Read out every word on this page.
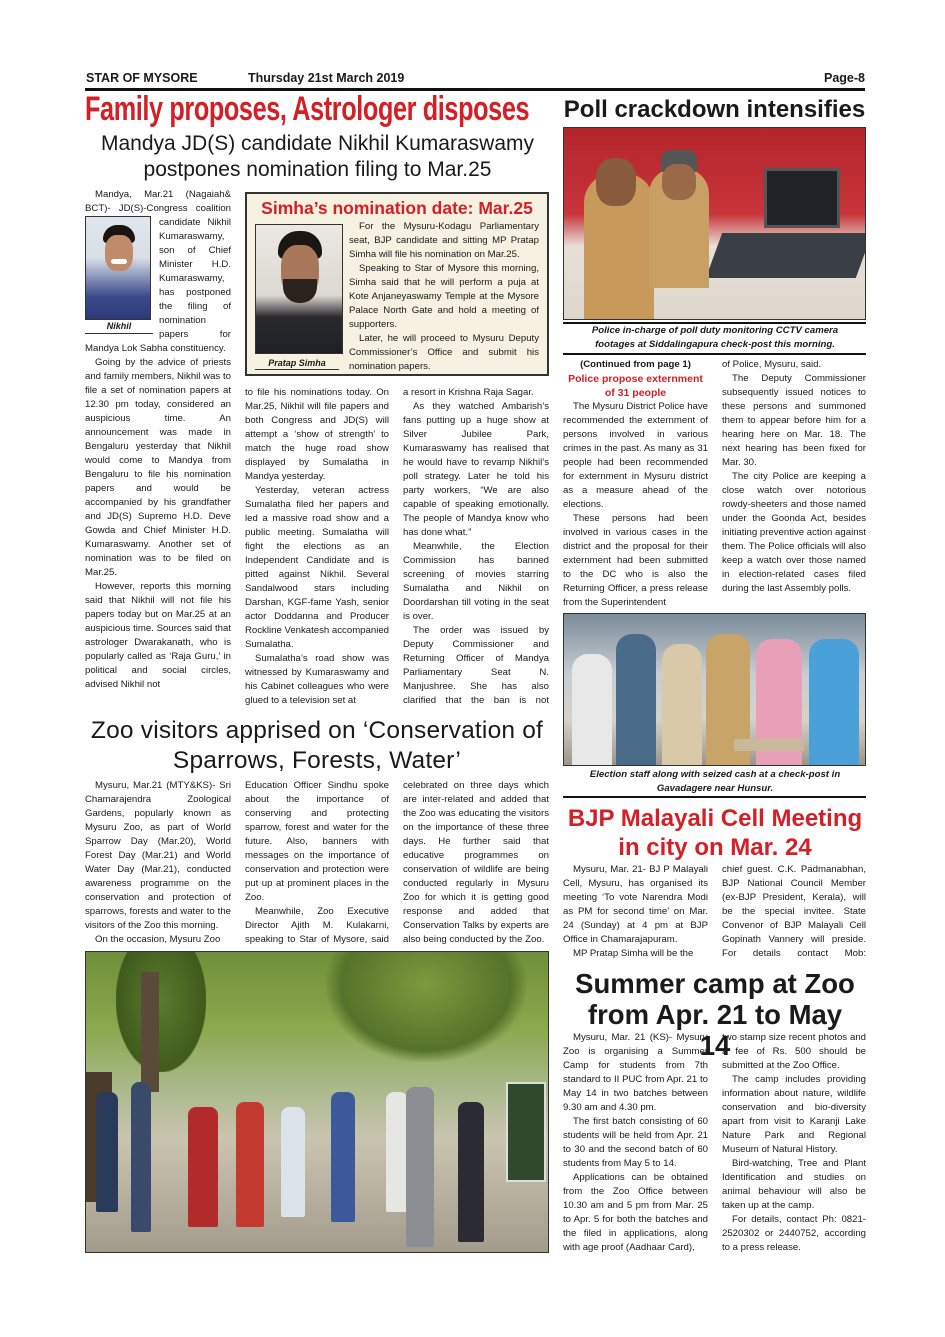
STAR OF MYSORE	Thursday 21st March 2019	Page-8
Family proposes, Astrologer disposes
Mandya JD(S) candidate Nikhil Kumaraswamy postpones nomination filing to Mar.25
Nikhil

Mandya, Mar.21 (Nagaiah& BCT)- JD(S)-Congress coalition candidate Nikhil Kumaraswamy, son of Chief Minister H.D. Kumaraswamy, has postponed the filing of nomination papers for Mandya Lok Sabha constituency.

Going by the advice of priests and family members, Nikhil was to file a set of nomination papers at 12.30 pm today, considered an auspicious time. An announcement was made in Bengaluru yesterday that Nikhil would come to Mandya from Bengaluru to file his nomination papers and would be accompanied by his grandfather and JD(S) Supremo H.D. Deve Gowda and Chief Minister H.D. Kumaraswamy. Another set of nomination was to be filed on Mar.25.

However, reports this morning said that Nikhil will not file his papers today but on Mar.25 at an auspicious time. Sources said that astrologer Dwarakanath, who is popularly called as ‘Raja Guru,’ in political and social circles, advised Nikhil not

Simha’s nomination date: Mar.25
Pratap Simha

For the Mysuru-Kodagu Parliamentary seat, BJP candidate and sitting MP Pratap Simha will file his nomination on Mar.25.

Speaking to Star of Mysore this morning, Simha said that he will perform a puja at Kote Anjaneyaswamy Temple at the Mysore Palace North Gate and hold a meeting of supporters.

Later, he will proceed to Mysuru Deputy Commissioner’s Office and submit his nomination papers.

to file his nominations today. On Mar.25, Nikhil will file papers and both Congress and JD(S) will attempt a ‘show of strength’ to match the huge road show displayed by Sumalatha in Mandya yesterday.

Yesterday, veteran actress Sumalatha filed her papers and led a massive road show and a public meeting. Sumalatha will fight the elections as an Independent Candidate and is pitted against Nikhil. Several Sandalwood stars including Darshan, KGF-fame Yash, senior actor Doddanna and Producer Rockline Venkatesh accompanied Sumalatha.

Sumalatha’s road show was witnessed by Kumaraswamy and his Cabinet colleagues who were glued to a television set at

a resort in Krishna Raja Sagar.

As they watched Ambarish’s fans putting up a huge show at Silver Jubilee Park, Kumaraswamy has realised that he would have to revamp Nikhil’s poll strategy. Later he told his party workers, “We are also capable of speaking emotionally. The people of Mandya know who has done what.”

Meanwhile, the Election Commission has banned screening of movies starring Sumalatha and Nikhil on Doordarshan till voting in the seat is over.

The order was issued by Deputy Commissioner and Returning Officer of Mandya Parliamentary Seat N. Manjushree. She has also clarified that the ban is not

Zoo visitors apprised on ‘Conservation of Sparrows, Forests, Water’

Mysuru, Mar.21 (MTY&KS)- Sri Chamarajendra Zoological Gardens, popularly known as Mysuru Zoo, as part of World Sparrow Day (Mar.20), World Forest Day (Mar.21) and World Water Day (Mar.21), conducted awareness programme on the conservation and protection of sparrows, forests and water to the visitors of the Zoo this morning.

On the occasion, Mysuru Zoo

Education Officer Sindhu spoke about the importance of conserving and protecting sparrow, forest and water for the future. Also, banners with messages on the importance of conservation and protection were put up at prominent places in the Zoo.

Meanwhile, Zoo Executive Director Ajith M. Kulakarni, speaking to Star of Mysore, said

celebrated on three days which are inter-related and added that the Zoo was educating the visitors on the importance of these three days. He further said that educative programmes on conservation of wildlife are being conducted regularly in Mysuru Zoo for which it is getting good response and added that Conservation Talks by experts are also being conducted by the Zoo.

Poll crackdown intensifies
Police in-charge of poll duty monitoring CCTV camera footages at Siddalingapura check-post this morning.
(Continued from page 1)
Police propose externment of 31 people

The Mysuru District Police have recommended the externment of persons involved in various crimes in the past. As many as 31 people had been recommended for externment in Mysuru district as a measure ahead of the elections.

These persons had been involved in various cases in the district and the proposal for their externment had been submitted to the DC who is also the Returning Officer, a press release from the Superintendent

of Police, Mysuru, said.

The Deputy Commissioner subsequently issued notices to these persons and summoned them to appear before him for a hearing here on Mar. 18. The next hearing has been fixed for Mar. 30.

The city Police are keeping a close watch over notorious rowdy-sheeters and those named under the Goonda Act, besides initiating preventive action against them. The Police officials will also keep a watch over those named in election-related cases filed during the last Assembly polls.

Election staff along with seized cash at a check-post in Gavadagere near Hunsur.
BJP Malayali Cell Meeting in city on Mar. 24

Mysuru, Mar. 21- BJ P Malayali Cell, Mysuru, has organised its meeting ‘To vote Narendra Modi as PM for second time’ on Mar. 24 (Sunday) at 4 pm at BJP Office in Chamarajapuram.

MP Pratap Simha will be the

chief guest. C.K. Padmanabhan, BJP National Council Member (ex-BJP President, Kerala), will be the special invitee. State Convenor of BJP Malayali Cell Gopinath Vannery will preside. For details contact Mob:

Summer camp at Zoo from Apr. 21 to May 14

Mysuru, Mar. 21 (KS)- Mysuru Zoo is organising a Summer Camp for students from 7th standard to II PUC from Apr. 21 to May 14 in two batches between 9.30 am and 4.30 pm.

The first batch consisting of 60 students will be held from Apr. 21 to 30 and the second batch of 60 students from May 5 to 14.

Applications can be obtained from the Zoo Office between 10.30 am and 5 pm from Mar. 25 to Apr. 5 for both the batches and the filed in applications, along with age proof (Aadhaar Card),

two stamp size recent photos and a fee of Rs. 500 should be submitted at the Zoo Office.

The camp includes providing information about nature, wildlife conservation and bio-diversity apart from visit to Karanji Lake Nature Park and Regional Museum of Natural History.

Bird-watching, Tree and Plant Identification and studies on animal behaviour will also be taken up at the camp.

For details, contact Ph: 0821-2520302 or 2440752, according to a press release.
